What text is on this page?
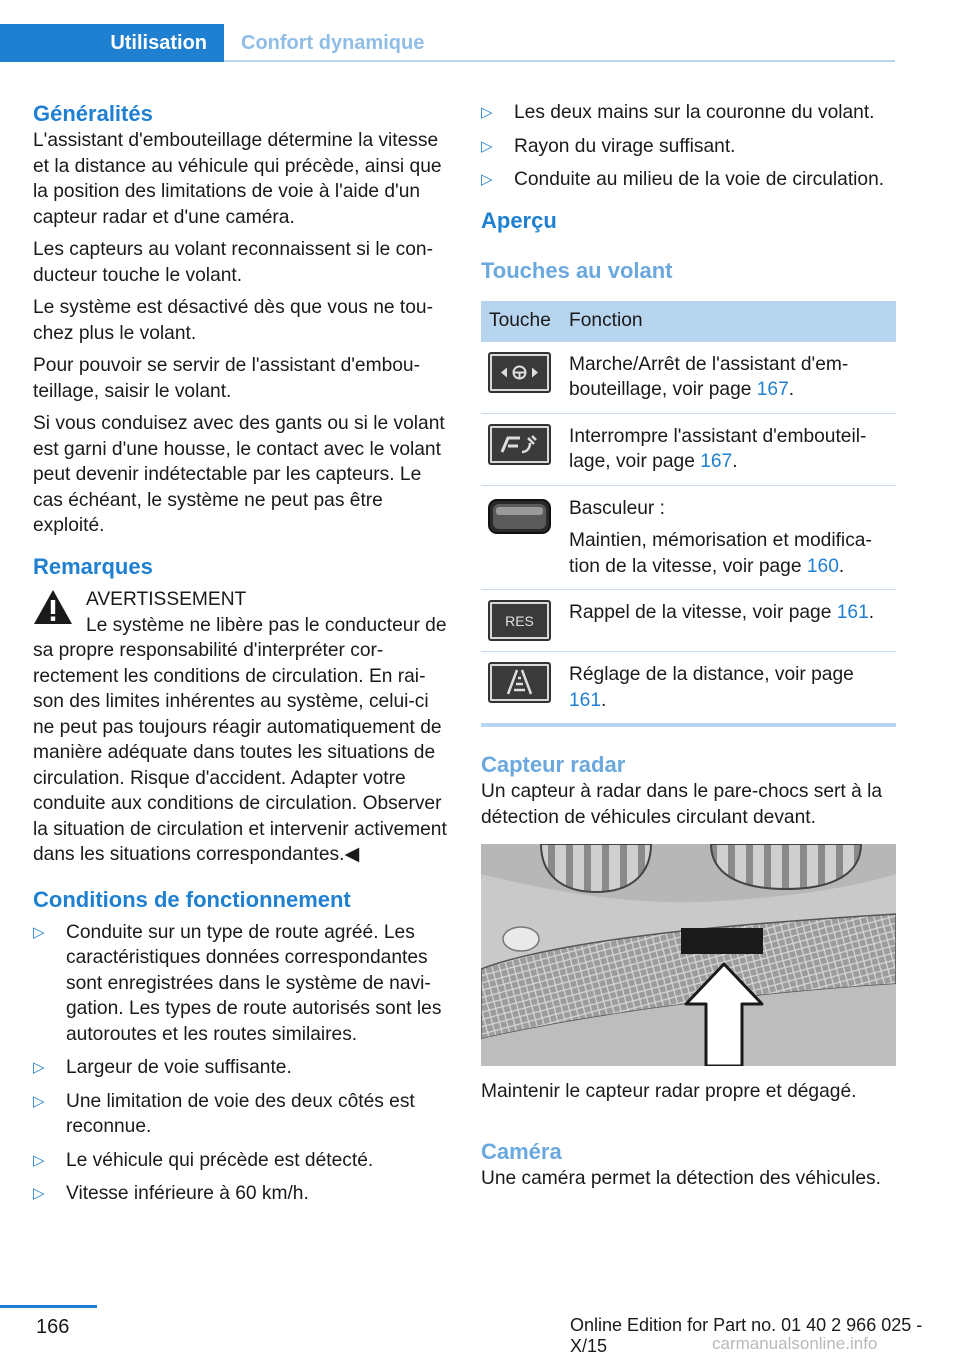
Utilisation	Confort dynamique
Généralités

L'assistant d'embouteillage détermine la vitesse et la distance au véhicule qui précède, ainsi que la position des limitations de voie à l'aide d'un capteur radar et d'une caméra.

Les capteurs au volant reconnaissent si le conducteur touche le volant.

Le système est désactivé dès que vous ne touchez plus le volant.

Pour pouvoir se servir de l'assistant d'embouteillage, saisir le volant.

Si vous conduisez avec des gants ou si le volant est garni d'une housse, le contact avec le volant peut devenir indétectable par les capteurs. Le cas échéant, le système ne peut pas être exploité.

Remarques
AVERTISSEMENT
Le système ne libère pas le conducteur de sa propre responsabilité d'interpréter correctement les conditions de circulation. En raison des limites inhérentes au système, celui-ci ne peut pas toujours réagir automatiquement de manière adéquate dans toutes les situations de circulation. Risque d'accident. Adapter votre conduite aux conditions de circulation. Observer la situation de circulation et intervenir activement dans les situations correspondantes.◀
Conditions de fonctionnement
▷ Conduite sur un type de route agréé. Les caractéristiques données correspondantes sont enregistrées dans le système de navigation. Les types de route autorisés sont les autoroutes et les routes similaires.
▷ Largeur de voie suffisante.
▷ Une limitation de voie des deux côtés est reconnue.
▷ Le véhicule qui précède est détecté.
▷ Vitesse inférieure à 60 km/h.
▷ Les deux mains sur la couronne du volant.
▷ Rayon du virage suffisant.
▷ Conduite au milieu de la voie de circulation.
Aperçu
Touches au volant
Touche	Fonction

	Marche/Arrêt de l'assistant d'embouteillage, voir page 167.

	Interrompre l'assistant d'embouteillage, voir page 167.

Basculeur :
Maintien, mémorisation et modification de la vitesse, voir page 160.

RES	Rappel de la vitesse, voir page 161.

	Réglage de la distance, voir page 161.
Capteur radar

Un capteur à radar dans le pare-chocs sert à la détection de véhicules circulant devant.

Maintenir le capteur radar propre et dégagé.

Caméra

Une caméra permet la détection des véhicules.

166	Online Edition for Part no. 01 40 2 966 025 - X/15	carmanualsonline.info
